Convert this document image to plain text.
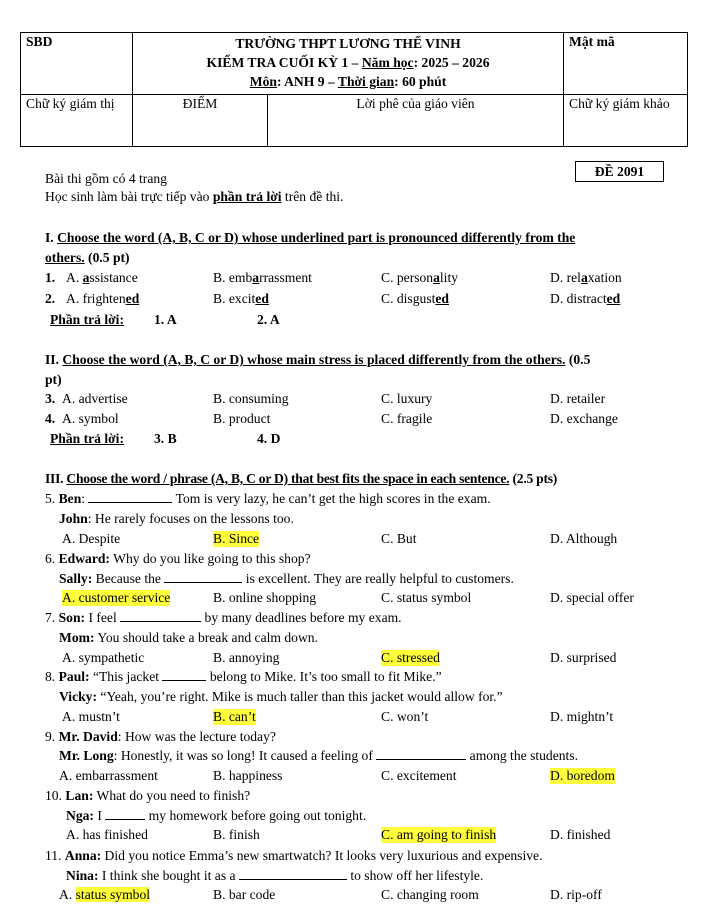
SBD	TRƯỜNG THPT LƯƠNG THẾ VINH
KIỂM TRA CUỐI KỲ 1 – Năm học: 2025 – 2026
Môn: ANH 9 – Thời gian: 60 phút		Mật mã
Chữ ký giám thị	ĐIỂM	Lời phê của giáo viên	Chữ ký giám khảo
ĐỀ 2091
Bài thi gồm có 4 trang
Học sinh làm bài trực tiếp vào phần trả lời trên đề thi.
I. Choose the word (A, B, C or D) whose underlined part is pronounced differently from the
others. (0.5 pt)
1. A. assistance	B. embarrassment	C. personality	D. relaxation
2. A. frightened	B. excited	C. disgusted	D. distracted
Phần trả lời: 1. A	2. A
II. Choose the word (A, B, C or D) whose main stress is placed differently from the others. (0.5
pt)
3. A. advertise	B. consuming	C. luxury	D. retailer
4. A. symbol	B. product	C. fragile	D. exchange
Phần trả lời: 3. B	4. D
III. Choose the word / phrase (A, B, C or D) that best fits the space in each sentence. (2.5 pts)
5. Ben:	Tom is very lazy, he can’t get the high scores in the exam.
John: He rarely focuses on the lessons too.
A. Despite	B. Since	C. But	D. Although
6. Edward: Why do you like going to this shop?
Sally: Because the	is excellent. They are really helpful to customers.
A. customer service	B. online shopping	C. status symbol	D. special offer
7. Son: I feel	by many deadlines before my exam.
Mom: You should take a break and calm down.
A. sympathetic	B. annoying	C. stressed	D. surprised
8. Paul: “This jacket	belong to Mike. It’s too small to fit Mike.”
Vicky: “Yeah, you’re right. Mike is much taller than this jacket would allow for.”
A. mustn’t	B. can’t	C. won’t	D. mightn’t
9. Mr. David: How was the lecture today?
Mr. Long: Honestly, it was so long! It caused a feeling of	among the students.
A. embarrassment	B. happiness	C. excitement	D. boredom
10. Lan: What do you need to finish?
Nga: I	my homework before going out tonight.
A. has finished	B. finish	C. am going to finish	D. finished
11. Anna: Did you notice Emma’s new smartwatch? It looks very luxurious and expensive.
Nina: I think she bought it as a	to show off her lifestyle.
A. status symbol	B. bar code	C. changing room	D. rip-off
